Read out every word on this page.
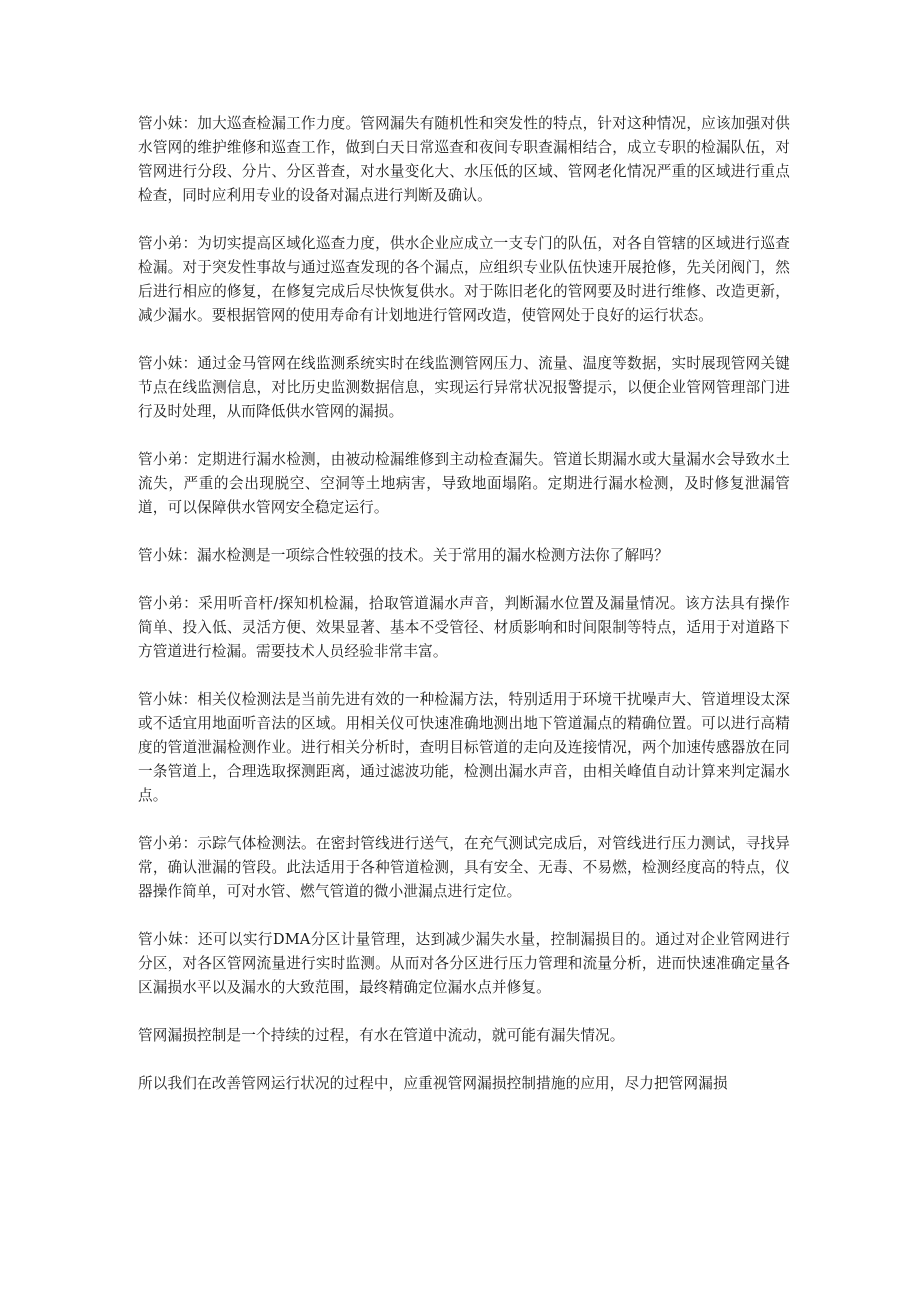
管小妹：加大巡查检漏工作力度。管网漏失有随机性和突发性的特点，针对这种情况，应该加强对供水管网的维护维修和巡查工作，做到白天日常巡查和夜间专职查漏相结合，成立专职的检漏队伍，对管网进行分段、分片、分区普查，对水量变化大、水压低的区域、管网老化情况严重的区域进行重点检查，同时应利用专业的设备对漏点进行判断及确认。

管小弟：为切实提高区域化巡查力度，供水企业应成立一支专门的队伍，对各自管辖的区域进行巡查检漏。对于突发性事故与通过巡查发现的各个漏点，应组织专业队伍快速开展抢修，先关闭阀门，然后进行相应的修复，在修复完成后尽快恢复供水。对于陈旧老化的管网要及时进行维修、改造更新，减少漏水。要根据管网的使用寿命有计划地进行管网改造，使管网处于良好的运行状态。

管小妹：通过金马管网在线监测系统实时在线监测管网压力、流量、温度等数据，实时展现管网关键节点在线监测信息，对比历史监测数据信息，实现运行异常状况报警提示，以便企业管网管理部门进行及时处理，从而降低供水管网的漏损。

管小弟：定期进行漏水检测，由被动检漏维修到主动检查漏失。管道长期漏水或大量漏水会导致水土流失，严重的会出现脱空、空洞等土地病害，导致地面塌陷。定期进行漏水检测，及时修复泄漏管道，可以保障供水管网安全稳定运行。

管小妹：漏水检测是一项综合性较强的技术。关于常用的漏水检测方法你了解吗？

管小弟：采用听音杆/探知机检漏，拾取管道漏水声音，判断漏水位置及漏量情况。该方法具有操作简单、投入低、灵活方便、效果显著、基本不受管径、材质影响和时间限制等特点，适用于对道路下方管道进行检漏。需要技术人员经验非常丰富。

管小妹：相关仪检测法是当前先进有效的一种检漏方法，特别适用于环境干扰噪声大、管道埋设太深或不适宜用地面听音法的区域。用相关仪可快速准确地测出地下管道漏点的精确位置。可以进行高精度的管道泄漏检测作业。进行相关分析时，查明目标管道的走向及连接情况，两个加速传感器放在同一条管道上，合理选取探测距离，通过滤波功能，检测出漏水声音，由相关峰值自动计算来判定漏水点。

管小弟：示踪气体检测法。在密封管线进行送气，在充气测试完成后，对管线进行压力测试，寻找异常，确认泄漏的管段。此法适用于各种管道检测，具有安全、无毒、不易燃，检测经度高的特点，仪器操作简单，可对水管、燃气管道的微小泄漏点进行定位。

管小妹：还可以实行DMA分区计量管理，达到减少漏失水量，控制漏损目的。通过对企业管网进行分区，对各区管网流量进行实时监测。从而对各分区进行压力管理和流量分析，进而快速准确定量各区漏损水平以及漏水的大致范围，最终精确定位漏水点并修复。

管网漏损控制是一个持续的过程，有水在管道中流动，就可能有漏失情况。

所以我们在改善管网运行状况的过程中，应重视管网漏损控制措施的应用，尽力把管网漏损
